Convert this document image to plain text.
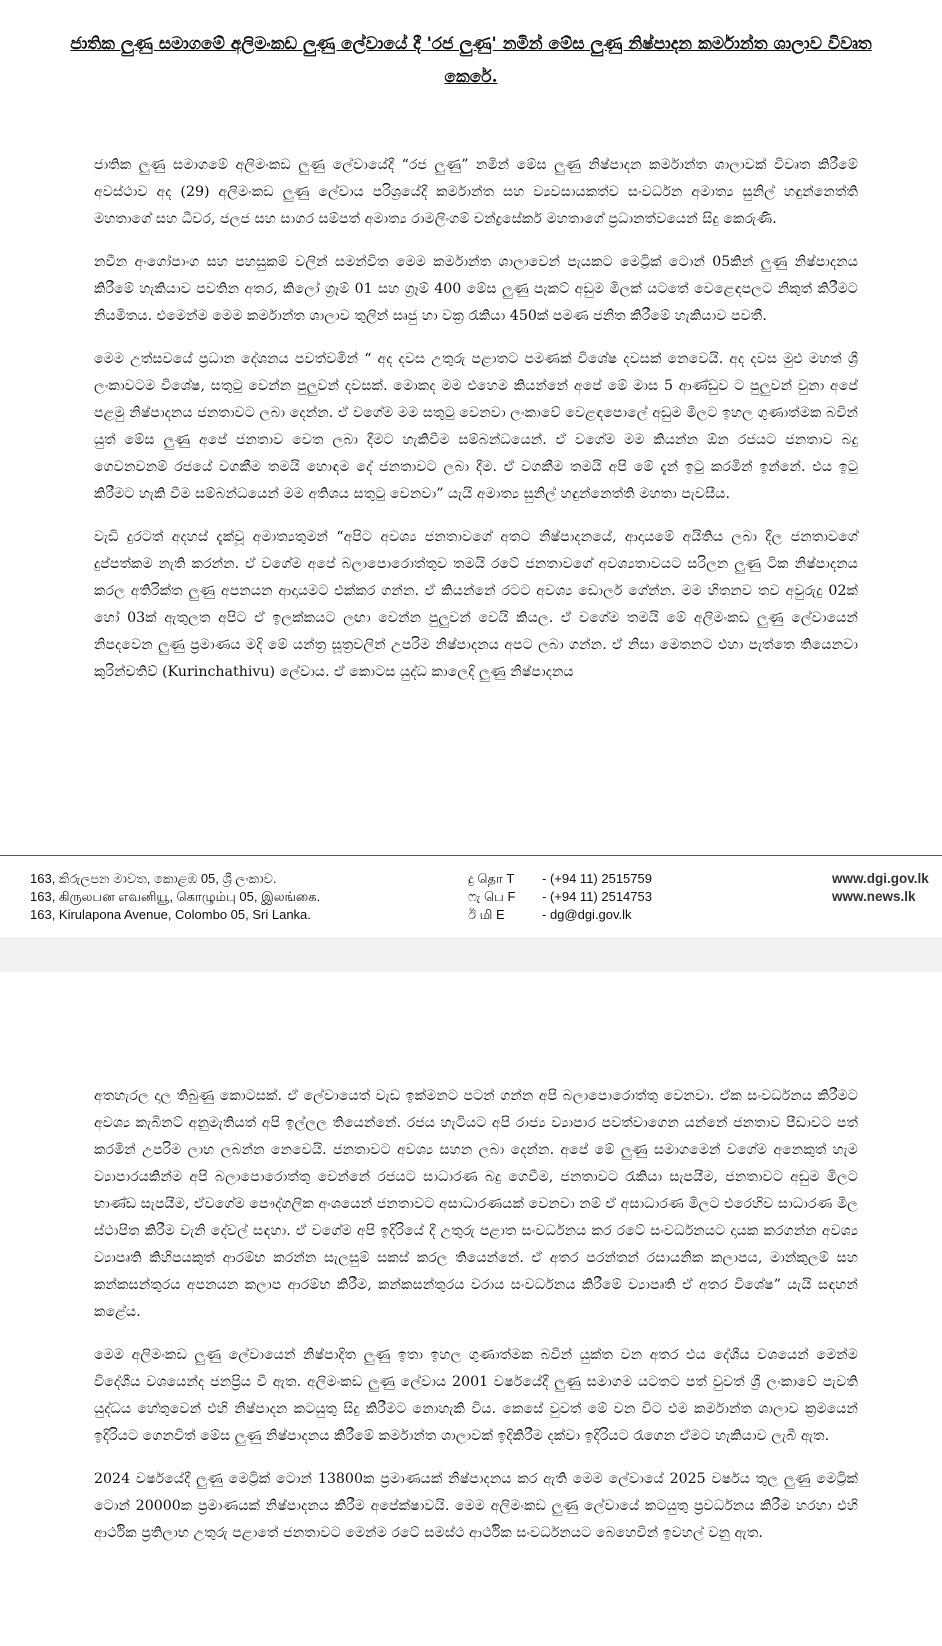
ජාතික ලුණු සමාගමේ අලිමංකඩ ලුණු ලේවායේ දී 'රජ ලුණු' නමින් මේස ලුණු නිෂ්පාදන කර්මාන්ත ශාලාව විවෘත කෙරේ.

ජාතික ලුණු සමාගමේ අලිමංකඩ ලුණු ලේවායේදී “රජ ලුණු” නමින් මේස ලුණු නිෂ්පාදන කර්මාන්ත ශාලාවක් විවෘත කිරීමේ අවස්ථාව අද (29) අලිමංකඩ ලුණු ලේවාය පරිශ්‍රයේදී කර්මාන්ත සහ ව්‍යවසායකත්ව සංවර්ධන අමාත්‍ය සුනිල් හඳුන්නෙත්ති මහතාගේ සහ ධීවර, ජලජ සහ සාගර සම්පත් අමාත්‍ය රාමලිංගම් චන්ද්‍රසේකර් මහතාගේ ප්‍රධානත්වයෙන් සිදු කෙරුණි.

නවීන අංගෝපාංග සහ පහසුකම් වලින් සමන්විත මෙම කර්මාන්ත ශාලාවෙන් පැයකට මෙට්‍රික් ටොන් 05කින් ලුණු නිෂ්පාදනය කිරීමේ හැකියාව පවතින අතර, කිලෝ ග්‍රෑම් 01 සහ ග්‍රෑම් 400 මේස ලුණු පැකට් අඩුම මිලක් යටතේ වෙළෙඳපලට නිකුත් කිරීමට නියමිතය. එමෙන්ම මෙම කර්මාන්ත ශාලාව තුලින් සෘජු හා වක්‍ර රැකියා 450ක් පමණ ජනිත කිරීමේ හැකියාව පවතී.

මෙම උත්සවයේ ප්‍රධාන දේශනය පවත්වමින් “ අද දවස උතුරු පළාතට පමණක් විශේෂ දවසක් නෙවෙයි. අද දවස මුළු මහත් ශ්‍රී ලංකාවටම විශේෂ, සතුටු වෙන්න පුලුවන් දවසක්. මොකද මම එහෙම කියන්නේ අපේ මේ මාස 5 ආණ්ඩුව ට පුලුවන් වුනා අපේ පළමු නිෂ්පාදනය ජනතාවට ලබා දෙන්න. ඒ වගේම මම සතුටු වෙනවා ලංකාවේ වෙළඳපොලේ අඩුම මිලට ඉහල ගුණාත්මක බවින් යුත් මේස ලුණු අපේ ජනතාව වෙත ලබා දීමට හැකිවීම සම්බන්ධයෙන්. ඒ වගේම මම කියන්න ඕන රජයට ජනතාව බදු ගෙවනවනම් රජයේ වගකීම තමයි හොඳම දේ ජනතාවට ලබා දීම. ඒ වගකීම තමයි අපි මේ දැන් ඉටු කරමින් ඉන්නේ. එය ඉටු කිරීමට හැකි වීම සම්බන්ධයෙන් මම අතිශය සතුටු වෙනවා” යැයි අමාත්‍ය සුනිල් හඳුන්නෙත්ති මහතා පැවසීය.

වැඩි දුරටත් අදහස් දැක්වූ අමාත්‍යතුමන් “අපිට අවශ්‍ය ජනතාවගේ අතට නිෂ්පාදනයේ, ආදායමේ අයිතිය ලබා දීල ජනතාවගේ දුප්පත්කම නැති කරන්න. ඒ වගේම අපේ බලාපොරොත්තුව තමයි රටේ ජනතාවගේ අවශ්‍යතාවයට සරිලන ලුණු ටික නිෂ්පාදනය කරල අතිරික්ත ලුණු අපනයන ආදායමට එක්කර ගන්න. ඒ කියන්නේ රටට අවශ්‍ය ඩොලර් ගේන්න. මම හිතනව තව අවුරුදු 02ක් හෝ 03ක් ඇතුලත අපිට ඒ ඉලක්කයට ලඟා වෙන්න පුලුවන් වෙයි කියල. ඒ වගේම තමයි මේ අලිමංකඩ ලුණු ලේවායෙන් නිපදවෙන ලුණු ප්‍රමාණය මදි මේ යන්ත්‍ර සූත්‍රවලින් උපරිම නිෂ්පාදනය අපට ලබා ගන්න. ඒ නිසා මෙතනට එහා පැත්තෙ තියෙනවා කුරින්චතිව් (Kurinchathivu) ලේවාය. ඒ කොටස යුද්ධ කාලෙදි ලුණු නිෂ්පාදනය

163, කිරුලපන මාවත, කොළඹ 05, ශ්‍රී ලංකාව.
163, கிருலபன எவனியூ, கொழும்பு 05, இலங்கை.
163, Kirulapona Avenue, Colombo 05, Sri Lanka.
දු தொ T	- (+94 11) 2515759
ෆැ பெ F	- (+94 11) 2514753
ඊ மி E	- dg@dgi.gov.lk
www.dgi.gov.lk
www.news.lk

අතහැරල දාල තිබුණු කොටසක්. ඒ ලේවායෙත් වැඩ ඉක්මනට පටන් ගන්න අපි බලාපොරොත්තු වෙනවා. ඒක සංවර්ධනය කිරීමට අවශ්‍ය කැබිනට් අනුමැතියත් අපි ඉල්ලල තියෙන්නේ. රජය හැටියට අපි රාජ්‍ය ව්‍යාපාර පවත්වාගෙන යන්නේ ජනතාව පීඩාවට පත් කරමින් උපරිම ලාභ ලබන්න නෙවෙයි. ජනතාවට අවශ්‍ය සහන ලබා දෙන්න. අපේ මේ ලුණු සමාගමෙන් වගේම අනෙකුත් හැම ව්‍යාපාරයකින්ම අපි බලාපොරොත්තු වෙන්නේ රජයට සාධාරණ බදු ගෙවීම, ජනතාවට රැකියා සැපයීම, ජනතාවට අඩුම මිලට භාණ්ඩ සැපයීම, ඒවගේම පෞද්ගලික අංශයෙන් ජනතාවට අසාධාරණයක් වෙනවා නම් ඒ අසාධාරණ මිලට එරෙහිව සාධාරණ මිල ස්ථාපිත කිරීම වැනි දේවල් සඳහා. ඒ වගේම අපි ඉදිරියේ දී උතුරු පළාත සංවර්ධනය කර රටේ සංවර්ධනයට දායක කරගන්න අවශ්‍ය ව්‍යාපෘති කිහිපයකුත් ආරම්භ කරන්න සැලසුම් සකස් කරල තියෙන්නේ. ඒ අතර පරන්තන් රසායනික කලාපය, මාන්කුලම් සහ කන්කසන්තුරය අපනයන කලාප ආරම්භ කිරීම, කන්කසන්තුරය වරාය සංවර්ධනය කිරීමේ ව්‍යාපෘති ඒ අතර විශේෂ” යැයි සඳහන් කළේය.

මෙම අලිමංකඩ ලුණු ලේවායෙන් නිෂ්පාදිත ලුණු ඉතා ඉහල ගුණාත්මක බවින් යුක්ත වන අතර එය දේශීය වශයෙන් මෙන්ම විදේශීය වශයෙන්ද ජනප්‍රිය වී ඇත. අලිමංකඩ ලුණු ලේවාය 2001 වර්ෂයේදී ලුණු සමාගම යටතට පත් වුවත් ශ්‍රී ලංකාවේ පැවති යුද්ධය හේතුවෙන් එහි නිෂ්පාදන කටයුතු සිදු කිරීමට නොහැකි විය. කෙසේ වුවත් මේ වන විට එම කර්මාන්ත ශාලාව ක්‍රමයෙන් ඉදිරියට ගෙනවිත් මේස ලුණු නිෂ්පාදනය කිරීමේ කර්මාන්ත ශාලාවක් ඉදිකිරීම දක්වා ඉදිරියට රැගෙන ඒමට හැකියාව ලැබී ඇත.

2024 වර්ෂයේදී ලුණු මෙට්‍රික් ටොන් 13800ක ප්‍රමාණයක් නිෂ්පාදනය කර ඇති මෙම ලේවායේ 2025 වර්ෂය තුල ලුණු මෙට්‍රික් ටොන් 20000ක ප්‍රමාණයක් නිෂ්පාදනය කිරීම අපේක්ෂාවයි. මෙම අලිමංකඩ ලුණු ලේවායේ කටයුතු ප්‍රවර්ධනය කිරීම හරහා එහි ආර්ථික ප්‍රතිලාභ උතුරු පළාතේ ජනතාවට මෙන්ම රටේ සමස්ථ ආර්ථික සංවර්ධනයට බෙහෙවින් ඉවහල් වනු ඇත.
